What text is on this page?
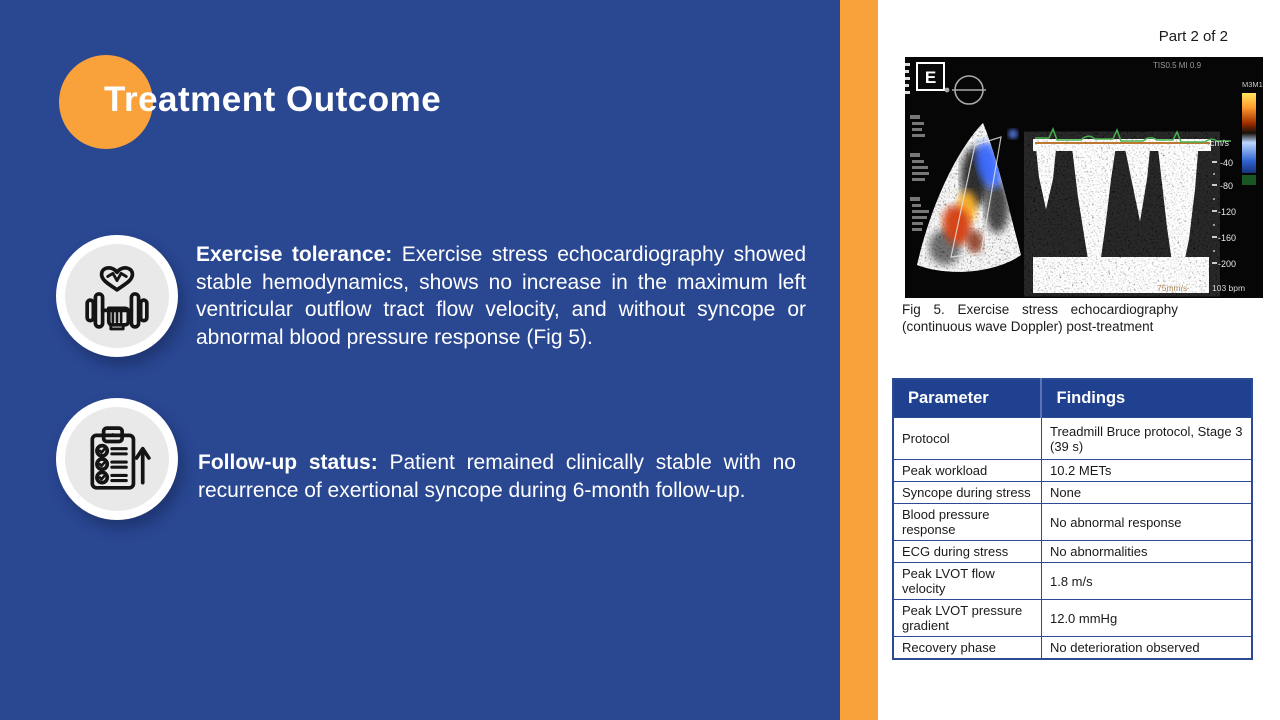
Treatment Outcome

Exercise tolerance: Exercise stress echocardiography showed stable hemodynamics, shows no increase in the maximum left ventricular outflow tract flow velocity, and without syncope or abnormal blood pressure response (Fig 5).

Follow-up status: Patient remained clinically stable with no recurrence of exertional syncope during 6-month follow-up.

Part 2 of 2
E
cm/s
-40
-80
-120
-160
-200
M3M1
TIS0.5 MI 0.9
75mm/s	103 bpm

Fig 5. Exercise stress echocardiography (continuous wave Doppler) post-treatment

Parameter	Findings
Protocol	Treadmill Bruce protocol, Stage 3 (39 s)
Peak workload	10.2 METs
Syncope during stress	None
Blood pressure response	No abnormal response
ECG during stress	No abnormalities
Peak LVOT flow velocity	1.8 m/s
Peak LVOT pressure gradient	12.0 mmHg
Recovery phase	No deterioration observed
